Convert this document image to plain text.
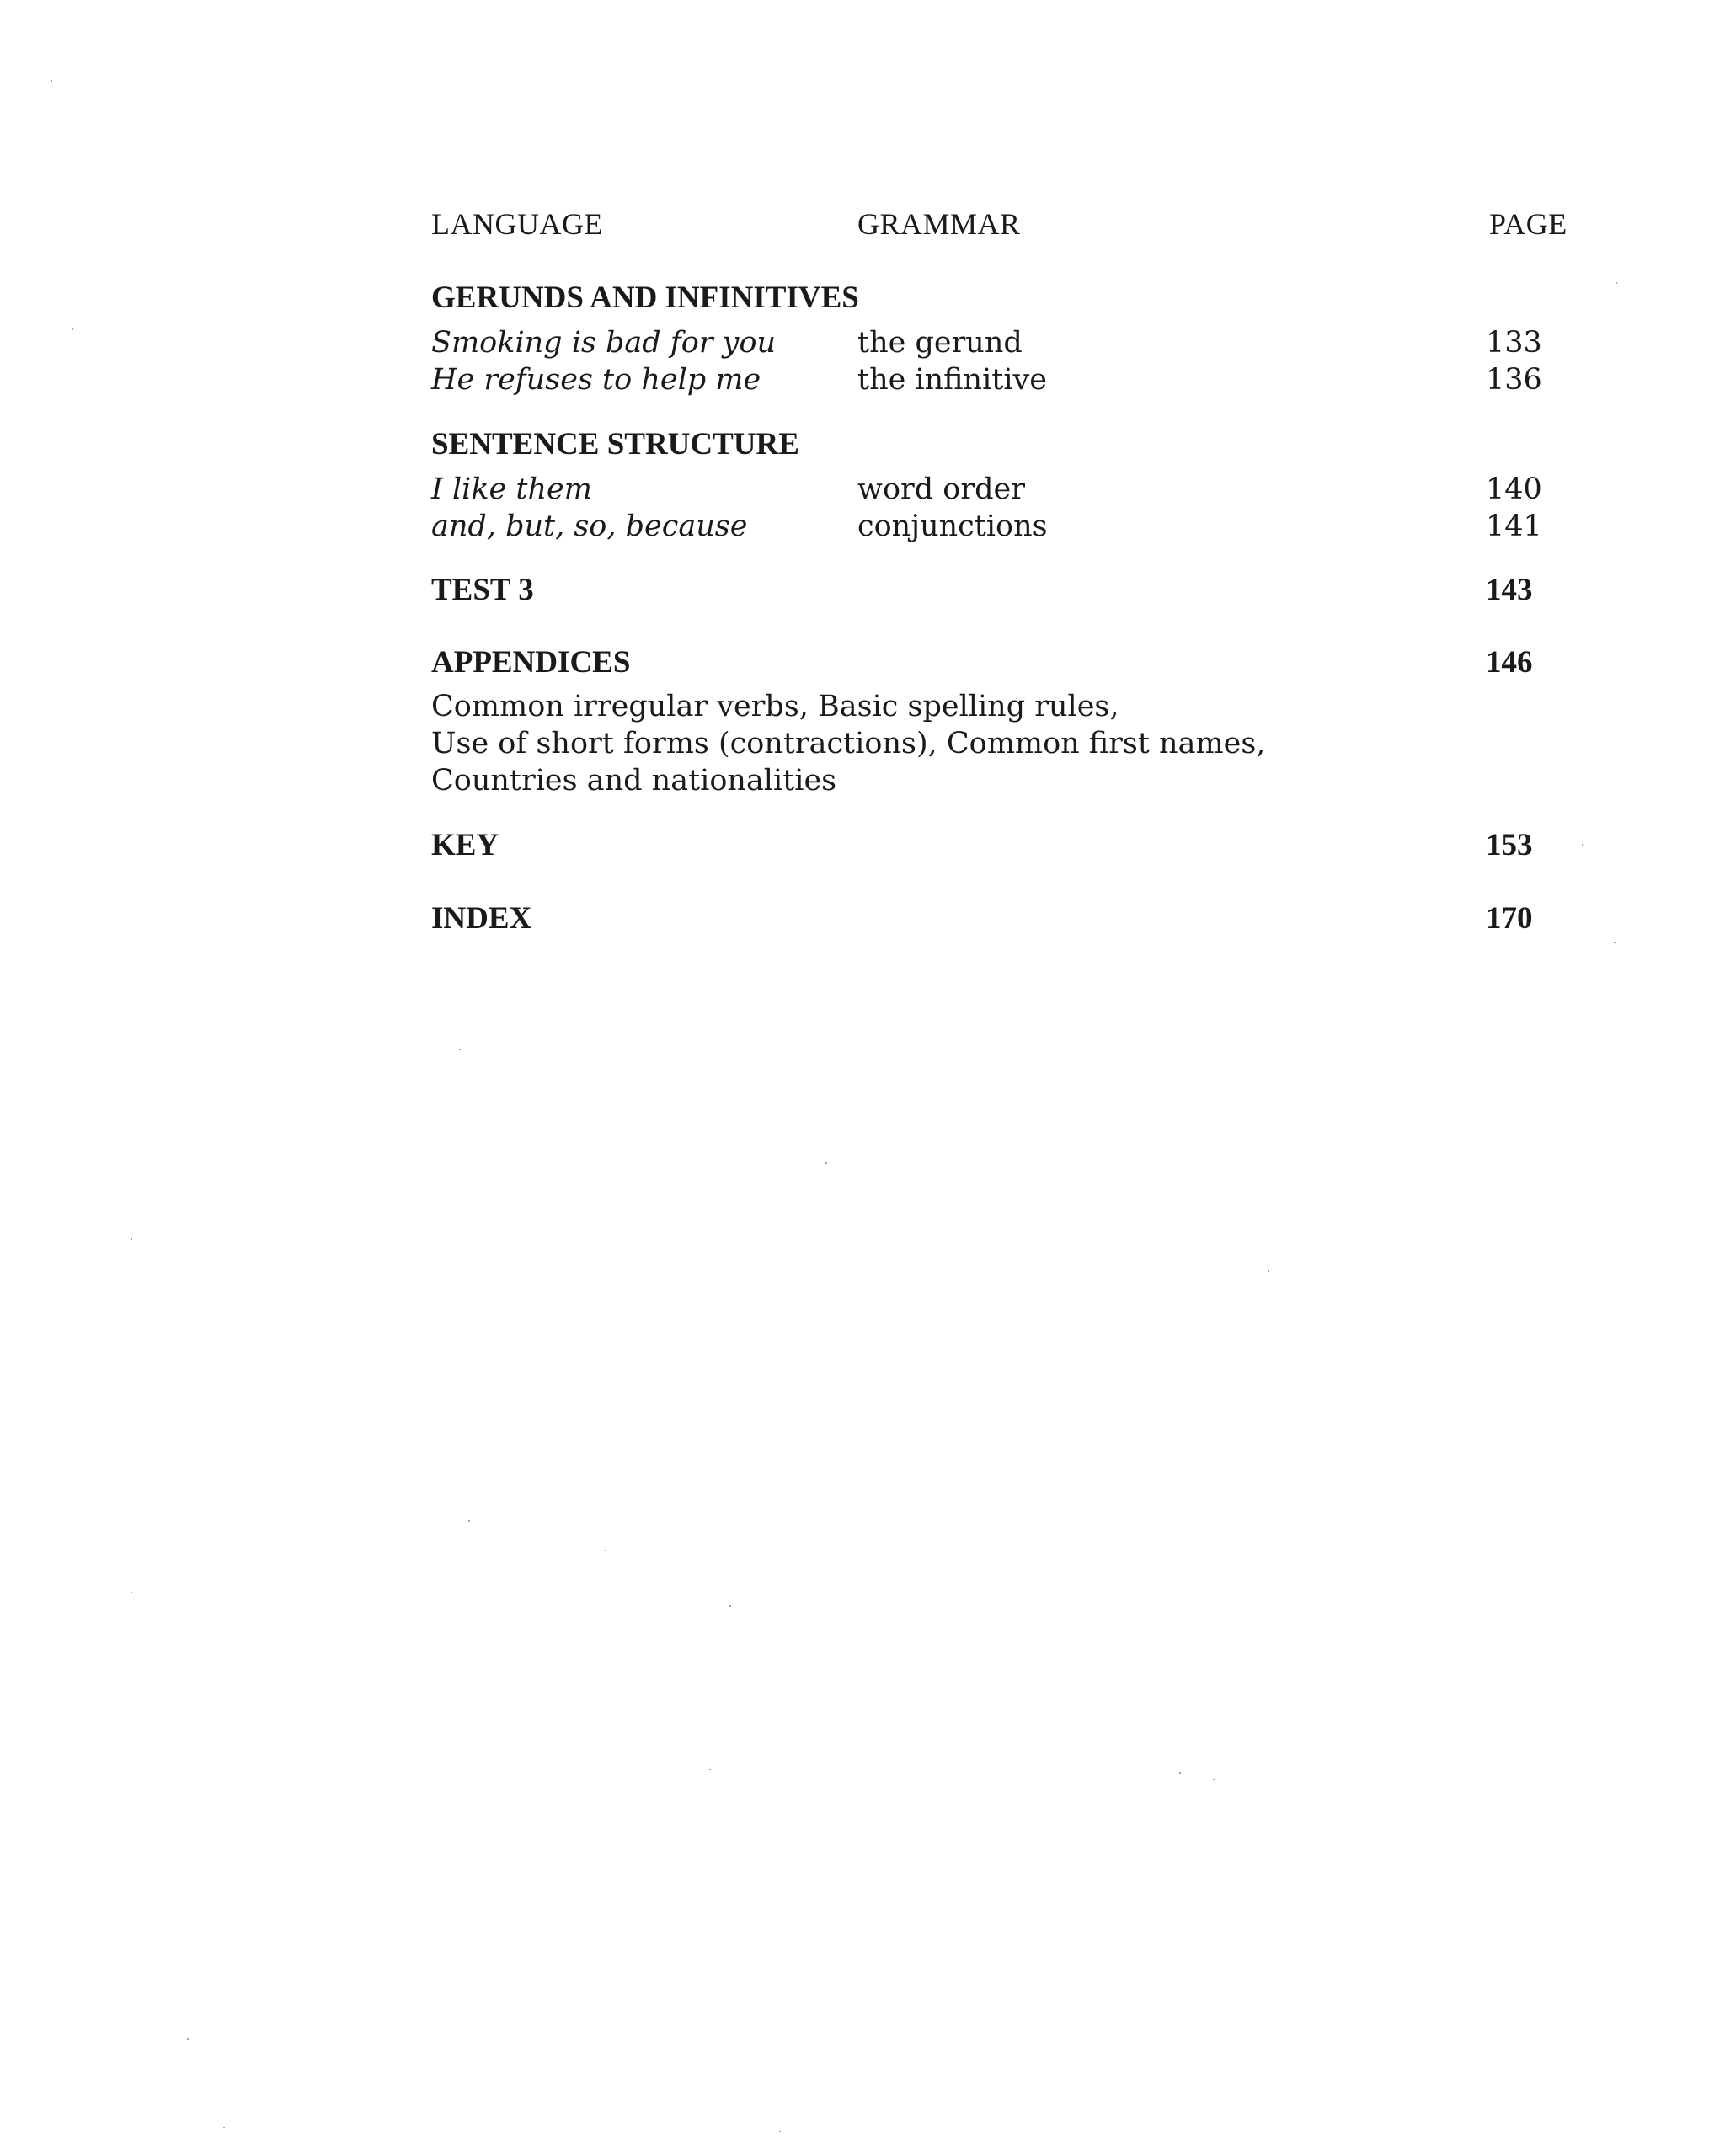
LANGUAGE	GRAMMAR	PAGE
GERUNDS AND INFINITIVES
Smoking is bad for you	the gerund	133
He refuses to help me	the infinitive	136
SENTENCE STRUCTURE
I like them	word order	140
and, but, so, because	conjunctions	141
TEST 3	143
APPENDICES	146
Common irregular verbs, Basic spelling rules,
Use of short forms (contractions), Common first names,
Countries and nationalities
KEY	153
INDEX	170
